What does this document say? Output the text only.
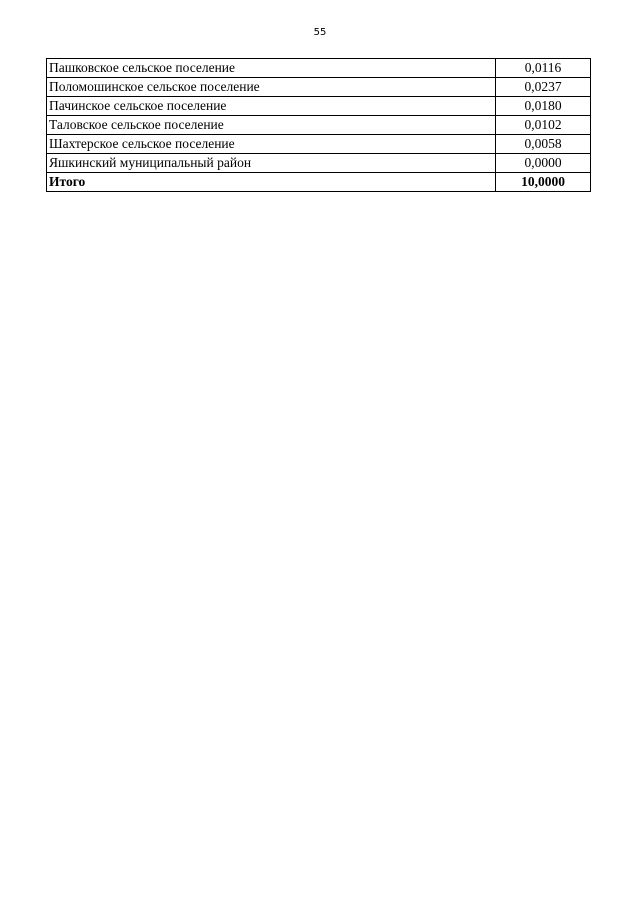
55
Пашковское сельское поселение	0,0116
Поломошинское сельское поселение	0,0237
Пачинское сельское поселение	0,0180
Таловское сельское поселение	0,0102
Шахтерское сельское поселение	0,0058
Яшкинский муниципальный район	0,0000
Итого	10,0000
